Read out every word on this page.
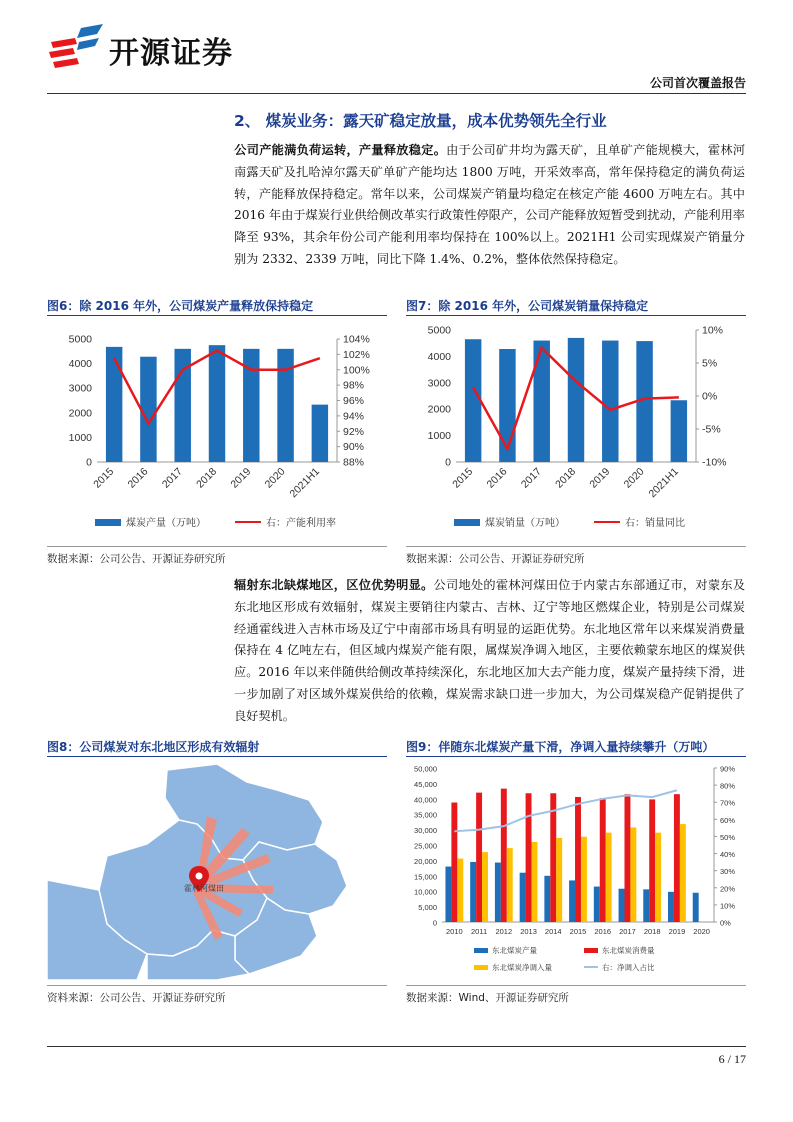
开源证券
公司首次覆盖报告
2、 煤炭业务：露天矿稳定放量，成本优势领先全行业
公司产能满负荷运转，产量释放稳定。由于公司矿井均为露天矿，且单矿产能规模大，霍林河南露天矿及扎哈淖尔露天矿单矿产能均达 1800 万吨，开采效率高，常年保持稳定的满负荷运转，产能释放保持稳定。常年以来，公司煤炭产销量均稳定在核定产能 4600 万吨左右。其中 2016 年由于煤炭行业供给侧改革实行政策性停限产，公司产能释放短暂受到扰动，产能利用率降至 93%，其余年份公司产能利用率均保持在 100%以上。2021H1 公司实现煤炭产销量分别为 2332、2339 万吨，同比下降 1.4%、0.2%，整体依然保持稳定。
图6：除 2016 年外，公司煤炭产量释放保持稳定
0
1000
2000
3000
4000
5000
88%
90%
92%
94%
96%
98%
100%
102%
104%
2015 2016 2017 2018 2019 2020 2021H1
煤炭产量（万吨）	右：产能利用率
数据来源：公司公告、开源证券研究所
图7：除 2016 年外，公司煤炭销量保持稳定
0
1000
2000
3000
4000
5000
-10%
-5%
0%
5%
10%
2015 2016 2017 2018 2019 2020 2021H1
煤炭销量（万吨）	右：销量同比
数据来源：公司公告、开源证券研究所
辐射东北缺煤地区，区位优势明显。公司地处的霍林河煤田位于内蒙古东部通辽市，对蒙东及东北地区形成有效辐射，煤炭主要销往内蒙古、吉林、辽宁等地区燃煤企业，特别是公司煤炭经通霍线进入吉林市场及辽宁中南部市场具有明显的运距优势。东北地区常年以来煤炭消费量保持在 4 亿吨左右，但区域内煤炭产能有限，属煤炭净调入地区，主要依赖蒙东地区的煤炭供应。2016 年以来伴随供给侧改革持续深化，东北地区加大去产能力度，煤炭产量持续下滑，进一步加剧了对区域外煤炭供给的依赖，煤炭需求缺口进一步加大，为公司煤炭稳产促销提供了良好契机。
图8：公司煤炭对东北地区形成有效辐射
霍林河煤田
资料来源：公司公告、开源证券研究所
图9：伴随东北煤炭产量下滑，净调入量持续攀升（万吨）
0
5,000
10,000
15,000
20,000
25,000
30,000
35,000
40,000
45,000
50,000
0%
10%
20%
30%
40%
50%
60%
70%
80%
90%
2010 2011 2012 2013 2014 2015 2016 2017 2018 2019 2020
东北煤炭产量	东北煤炭消费量
东北煤炭净调入量	右：净调入占比
数据来源：Wind、开源证券研究所
6 / 17
